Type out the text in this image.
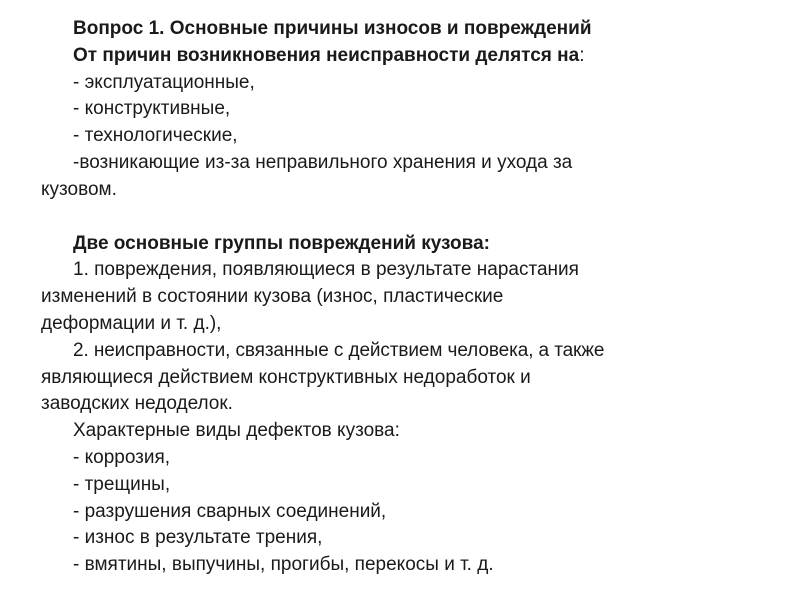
Вопрос 1. Основные причины износов и повреждений

От причин возникновения неисправности делятся на:

- эксплуатационные,

- конструктивные,

- технологические,

-возникающие из-за неправильного хранения и ухода за

кузовом.

Две основные группы повреждений кузова:

1. повреждения, появляющиеся в результате нарастания

изменений в состоянии кузова (износ, пластические

деформации и т. д.),

2. неисправности, связанные с действием человека, а также

являющиеся действием конструктивных недоработок и

заводских недоделок.

Характерные виды дефектов кузова:

- коррозия,

- трещины,

- разрушения сварных соединений,

- износ в результате трения,

- вмятины, выпучины, прогибы, перекосы и т. д.
